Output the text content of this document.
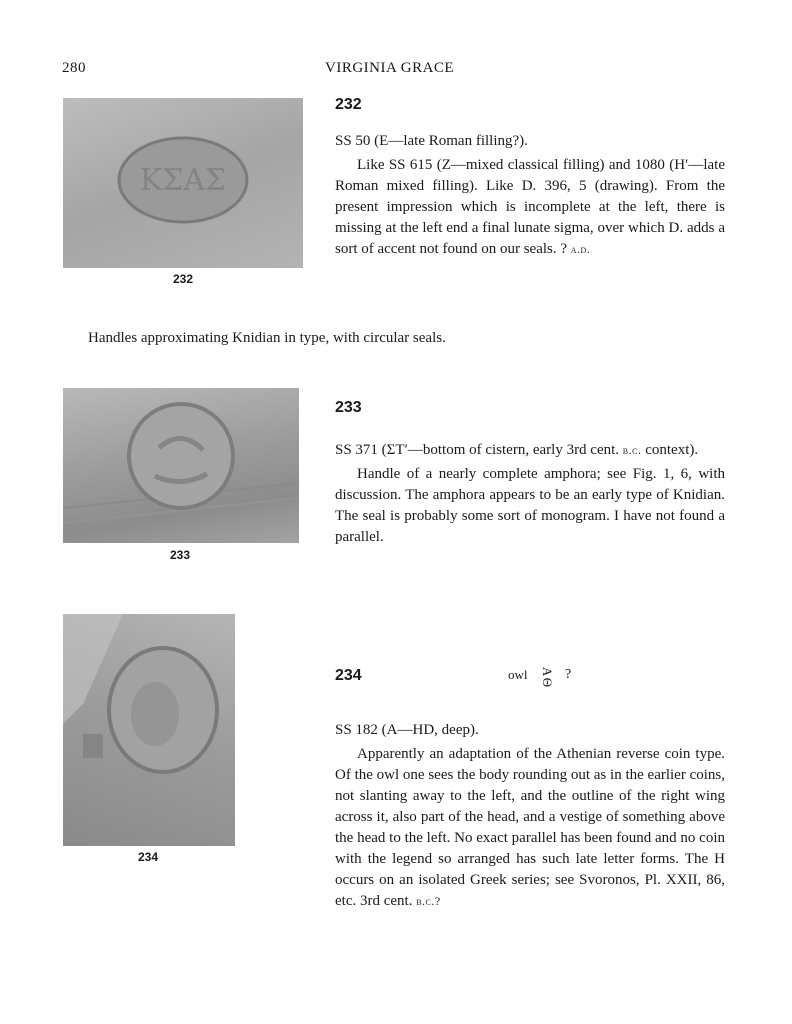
280	VIRGINIA GRACE
ΚΣΑΣ
232
232

SS 50 (E—late Roman filling?).

Like SS 615 (Z—mixed classical filling) and 1080 (H′—late Roman mixed filling). Like D. 396, 5 (drawing). From the present impression which is incomplete at the left, there is missing at the left end a final lunate sigma, over which D. adds a sort of accent not found on our seals. ? a.d.

Handles approximating Knidian in type, with circular seals.
233
233

SS 371 (ΣΤ′—bottom of cistern, early 3rd cent. b.c. context).

Handle of a nearly complete amphora; see Fig. 1, 6, with discussion. The amphora appears to be an early type of Knidian. The seal is probably some sort of monogram. I have not found a parallel.

234
234	owl ΑΘ ?

SS 182 (Α—HD, deep).

Apparently an adaptation of the Athenian reverse coin type. Of the owl one sees the body rounding out as in the earlier coins, not slanting away to the left, and the outline of the right wing across it, also part of the head, and a vestige of something above the head to the left. No exact parallel has been found and no coin with the legend so arranged has such late letter forms. The H occurs on an isolated Greek series; see Svoronos, Pl. XXII, 86, etc. 3rd cent. b.c.?
